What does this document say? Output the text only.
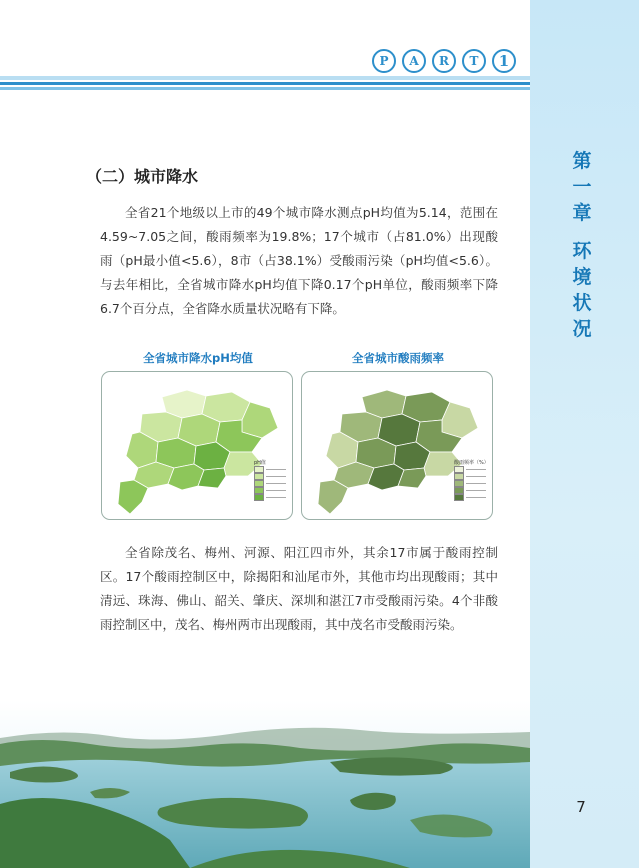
第
一
章
环
境
状
况
P	A	R	T	1
（二）城市降水
全省21个地级以上市的49个城市降水测点pH均值为5.14，范围在4.59~7.05之间，酸雨频率为19.8%；17个城市（占81.0%）出现酸雨（pH最小值<5.6），8市（占38.1%）受酸雨污染（pH均值<5.6）。与去年相比，全省城市降水pH均值下降0.17个pH单位，酸雨频率下降6.7个百分点，全省降水质量状况略有下降。
全省城市降水pH均值	全省城市酸雨频率
pH值	酸雨频率（%）
全省除茂名、梅州、河源、阳江四市外，其余17市属于酸雨控制区。17个酸雨控制区中，除揭阳和汕尾市外，其他市均出现酸雨；其中清远、珠海、佛山、韶关、肇庆、深圳和湛江7市受酸雨污染。4个非酸雨控制区中，茂名、梅州两市出现酸雨，其中茂名市受酸雨污染。
7
